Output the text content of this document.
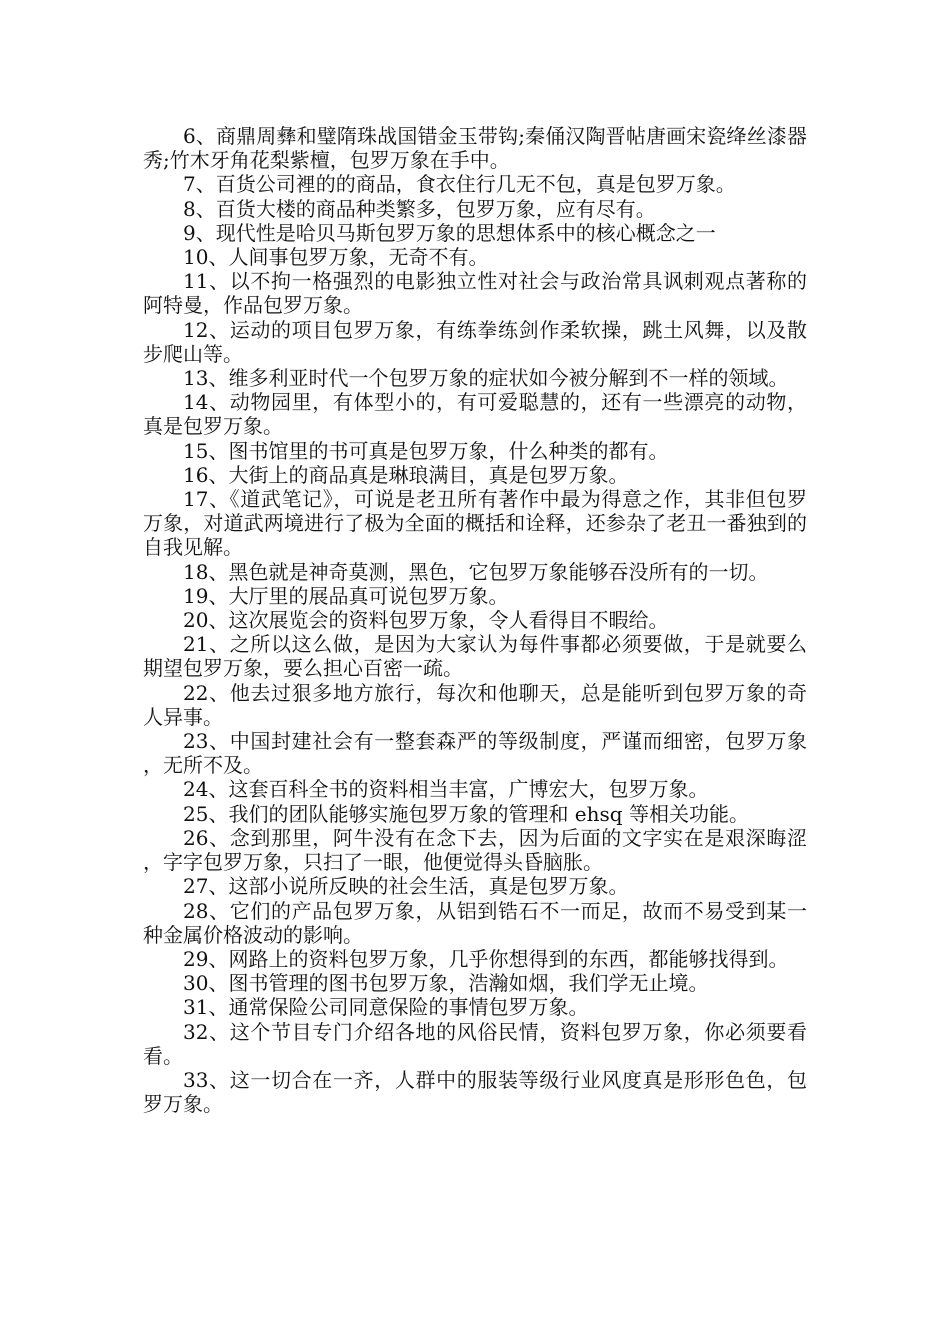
6、商鼎周彝和璧隋珠战国错金玉带钩;秦俑汉陶晋帖唐画宋瓷绛丝漆器秀;竹木牙角花梨紫檀，包罗万象在手中。

7、百货公司裡的的商品，食衣住行几无不包，真是包罗万象。

8、百货大楼的商品种类繁多，包罗万象，应有尽有。

9、现代性是哈贝马斯包罗万象的思想体系中的核心概念之一

10、人间事包罗万象，无奇不有。

11、以不拘一格强烈的电影独立性对社会与政治常具讽刺观点著称的阿特曼，作品包罗万象。

12、运动的项目包罗万象，有练拳练剑作柔软操，跳土风舞，以及散步爬山等。

13、维多利亚时代一个包罗万象的症状如今被分解到不一样的领域。

14、动物园里，有体型小的，有可爱聪慧的，还有一些漂亮的动物，真是包罗万象。

15、图书馆里的书可真是包罗万象，什么种类的都有。

16、大街上的商品真是琳琅满目，真是包罗万象。

17、《道武笔记》，可说是老丑所有著作中最为得意之作，其非但包罗万象，对道武两境进行了极为全面的概括和诠释，还参杂了老丑一番独到的自我见解。

18、黑色就是神奇莫测，黑色，它包罗万象能够吞没所有的一切。

19、大厅里的展品真可说包罗万象。

20、这次展览会的资料包罗万象，令人看得目不暇给。

21、之所以这么做，是因为大家认为每件事都必须要做，于是就要么期望包罗万象，要么担心百密一疏。

22、他去过狠多地方旅行，每次和他聊天，总是能听到包罗万象的奇人异事。

23、中国封建社会有一整套森严的等级制度，严谨而细密，包罗万象，无所不及。

24、这套百科全书的资料相当丰富，广博宏大，包罗万象。

25、我们的团队能够实施包罗万象的管理和 ehsq 等相关功能。

26、念到那里，阿牛没有在念下去，因为后面的文字实在是艰深晦涩，字字包罗万象，只扫了一眼，他便觉得头昏脑胀。

27、这部小说所反映的社会生活，真是包罗万象。

28、它们的产品包罗万象，从铝到锆石不一而足，故而不易受到某一种金属价格波动的影响。

29、网路上的资料包罗万象，几乎你想得到的东西，都能够找得到。

30、图书管理的图书包罗万象，浩瀚如烟，我们学无止境。

31、通常保险公司同意保险的事情包罗万象。

32、这个节目专门介绍各地的风俗民情，资料包罗万象，你必须要看看。

33、这一切合在一齐，人群中的服装等级行业风度真是形形色色，包罗万象。
